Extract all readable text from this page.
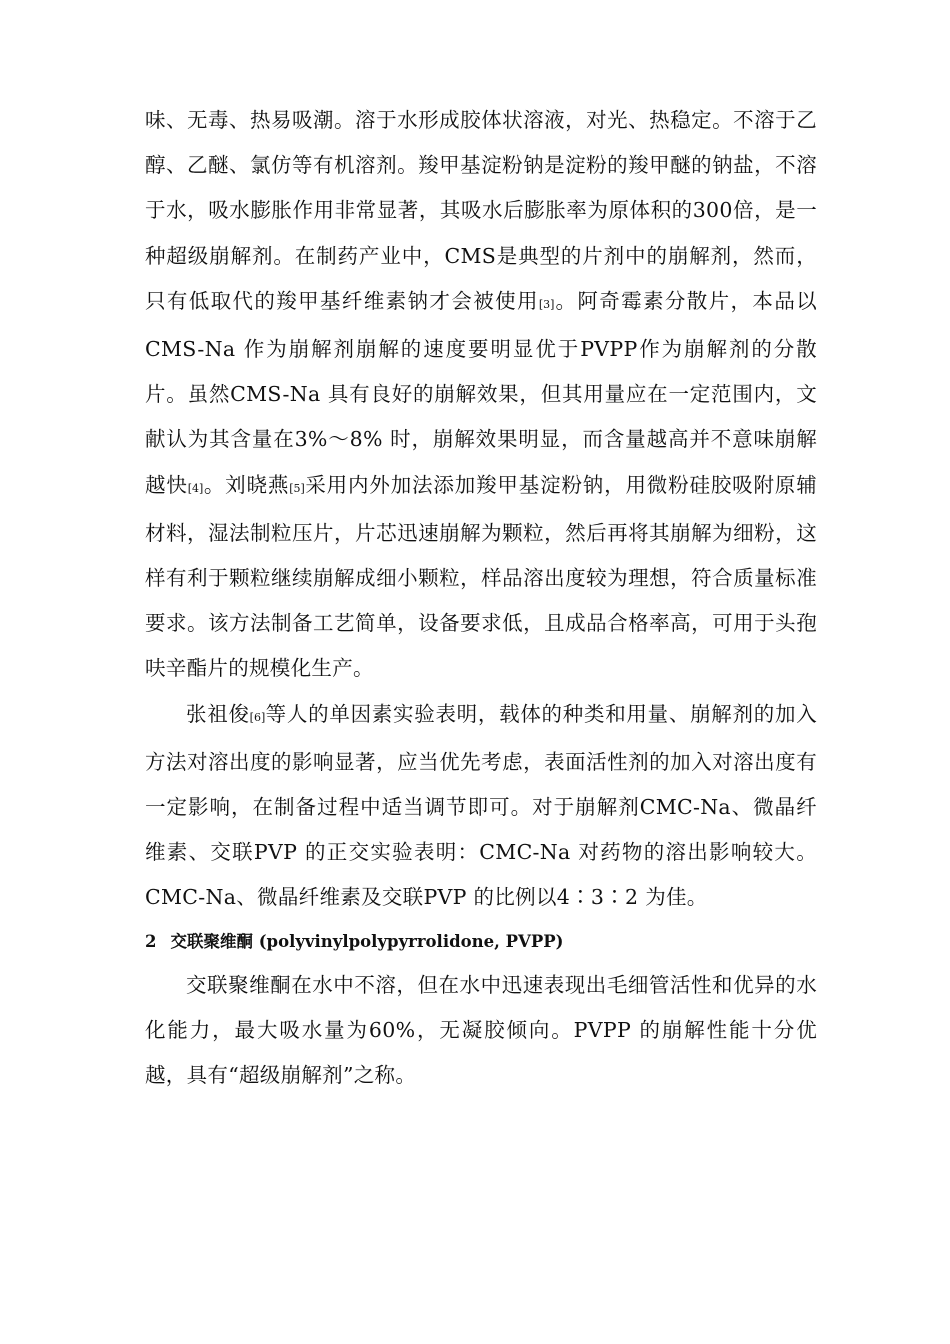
味、无毒、热易吸潮。溶于水形成胶体状溶液，对光、热稳定。不溶于乙醇、乙醚、氯仿等有机溶剂。羧甲基淀粉钠是淀粉的羧甲醚的钠盐，不溶于水，吸水膨胀作用非常显著，其吸水后膨胀率为原体积的300倍，是一种超级崩解剂。在制药产业中，CMS是典型的片剂中的崩解剂，然而，只有低取代的羧甲基纤维素钠才会被使用[3]。阿奇霉素分散片，本品以CMS-Na 作为崩解剂崩解的速度要明显优于PVPP作为崩解剂的分散片。虽然CMS-Na 具有良好的崩解效果，但其用量应在一定范围内，文献认为其含量在3%～8% 时，崩解效果明显，而含量越高并不意味崩解越快[4]。刘晓燕[5]采用内外加法添加羧甲基淀粉钠，用微粉硅胶吸附原辅材料，湿法制粒压片，片芯迅速崩解为颗粒，然后再将其崩解为细粉，这样有利于颗粒继续崩解成细小颗粒，样品溶出度较为理想，符合质量标准要求。该方法制备工艺简单，设备要求低，且成品合格率高，可用于头孢呋辛酯片的规模化生产。

张祖俊[6]等人的单因素实验表明，载体的种类和用量、崩解剂的加入方法对溶出度的影响显著，应当优先考虑，表面活性剂的加入对溶出度有一定影响，在制备过程中适当调节即可。对于崩解剂CMC-Na、微晶纤维素、交联PVP 的正交实验表明：CMC-Na 对药物的溶出影响较大。CMC-Na、微晶纤维素及交联PVP 的比例以4∶3∶2 为佳。

2 交联聚维酮 (polyvinylpolypyrrolidone, PVPP)

交联聚维酮在水中不溶，但在水中迅速表现出毛细管活性和优异的水化能力，最大吸水量为60%，无凝胶倾向。PVPP 的崩解性能十分优越，具有“超级崩解剂”之称。
